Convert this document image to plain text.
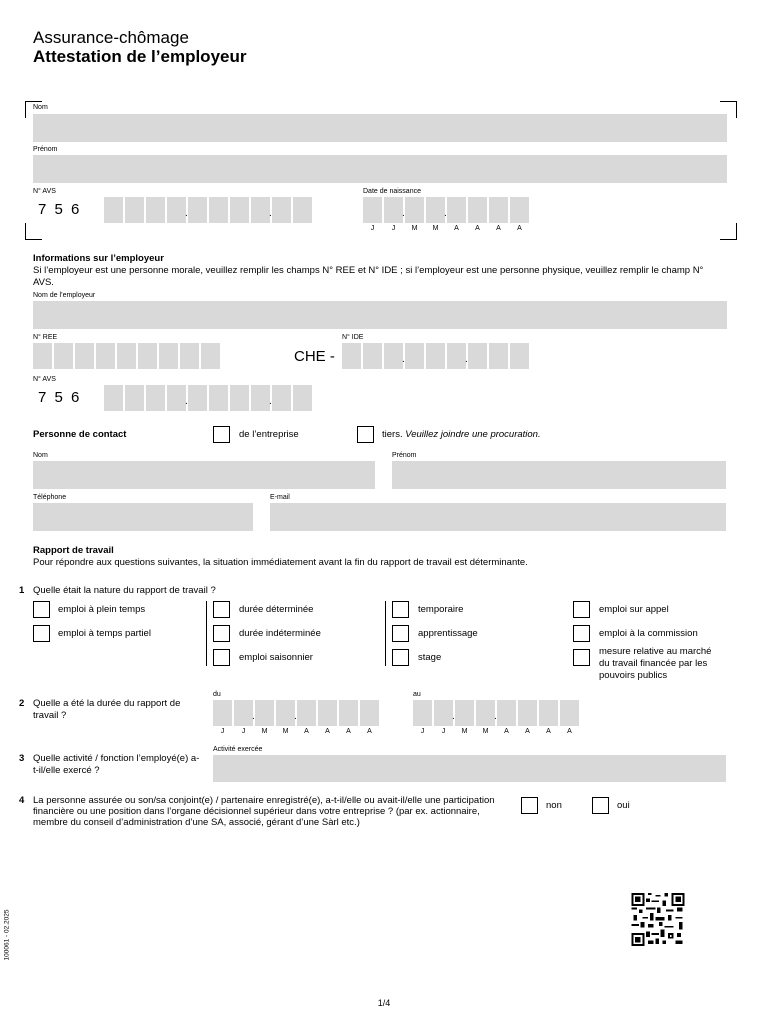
Assurance-chômage
Attestation de l’employeur
Nom
Prénom
N° AVS
7 5 6	.	.
Date de naissance
.	.
J	J	M	M	A	A	A	A
Informations sur l’employeur
Si l’employeur est une personne morale, veuillez remplir les champs N° REE et N° IDE ; si l’employeur est une personne physique, veuillez remplir le champ N° AVS.
Nom de l’employeur
N° REE
CHE -
N° IDE
.	.
N° AVS
7 5 6	.	.
Personne de contact	de l’entreprise	tiers. Veuillez joindre une procuration.
Nom	Prénom
Téléphone	E-mail
Rapport de travail
Pour répondre aux questions suivantes, la situation immédiatement avant la fin du rapport de travail est déterminante.
1 Quelle était la nature du rapport de travail ?
emploi à plein temps
emploi à temps partiel
durée déterminée
durée indéterminée
emploi saisonnier
temporaire
apprentissage
stage
emploi sur appel
emploi à la commission
mesure relative au marché du travail financée par les pouvoirs publics
2 Quelle a été la durée du rapport de travail ?
du
.	.
J	J	M	M	A	A	A	A
au
.	.
J	J	M	M	A	A	A	A
3 Quelle activité / fonction l’employé(e) a-t-il/elle exercé ?
Activité exercée
4 La personne assurée ou son/sa conjoint(e) / partenaire enregistré(e), a-t-il/elle ou avait-il/elle une participation financière ou une position dans l’organe décisionnel supérieur dans votre entreprise ? (par ex. actionnaire, membre du conseil d’administration d’une SA, associé, gérant d’une Sàrl etc.)
non	oui
100061 - 02.2025
1/4
